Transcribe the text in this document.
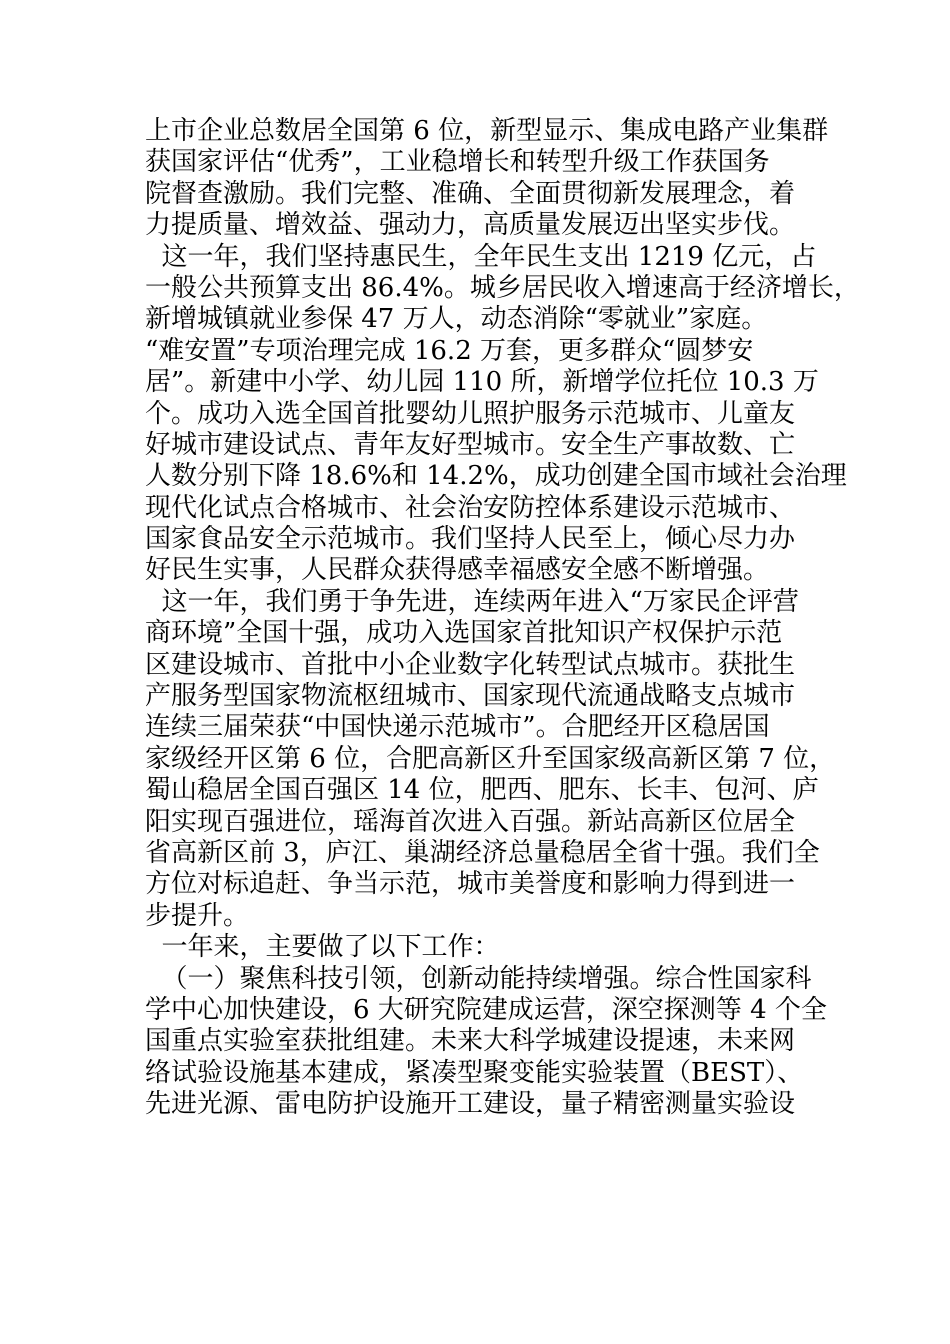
上市企业总数居全国第 6 位，新型显示、集成电路产业集群
获国家评估“优秀”，工业稳增长和转型升级工作获国务
院督查激励。我们完整、准确、全面贯彻新发展理念，着
力提质量、增效益、强动力，高质量发展迈出坚实步伐。
这一年，我们坚持惠民生，全年民生支出 1219 亿元，占
一般公共预算支出 86.4%。城乡居民收入增速高于经济增长，
新增城镇就业参保 47 万人，动态消除“零就业”家庭。
“难安置”专项治理完成 16.2 万套，更多群众“圆梦安
居”。新建中小学、幼儿园 110 所，新增学位托位 10.3 万
个。成功入选全国首批婴幼儿照护服务示范城市、儿童友
好城市建设试点、青年友好型城市。安全生产事故数、亡
人数分别下降 18.6%和 14.2%，成功创建全国市域社会治理
现代化试点合格城市、社会治安防控体系建设示范城市、
国家食品安全示范城市。我们坚持人民至上，倾心尽力办
好民生实事，人民群众获得感幸福感安全感不断增强。
这一年，我们勇于争先进，连续两年进入“万家民企评营
商环境”全国十强，成功入选国家首批知识产权保护示范
区建设城市、首批中小企业数字化转型试点城市。获批生
产服务型国家物流枢纽城市、国家现代流通战略支点城市
连续三届荣获“中国快递示范城市”。合肥经开区稳居国
家级经开区第 6 位，合肥高新区升至国家级高新区第 7 位，
蜀山稳居全国百强区 14 位，肥西、肥东、长丰、包河、庐
阳实现百强进位，瑶海首次进入百强。新站高新区位居全
省高新区前 3，庐江、巢湖经济总量稳居全省十强。我们全
方位对标追赶、争当示范，城市美誉度和影响力得到进一
步提升。
一年来，主要做了以下工作：
（一）聚焦科技引领，创新动能持续增强。综合性国家科
学中心加快建设，6 大研究院建成运营，深空探测等 4 个全
国重点实验室获批组建。未来大科学城建设提速，未来网
络试验设施基本建成，紧凑型聚变能实验装置（BEST）、
先进光源、雷电防护设施开工建设，量子精密测量实验设
